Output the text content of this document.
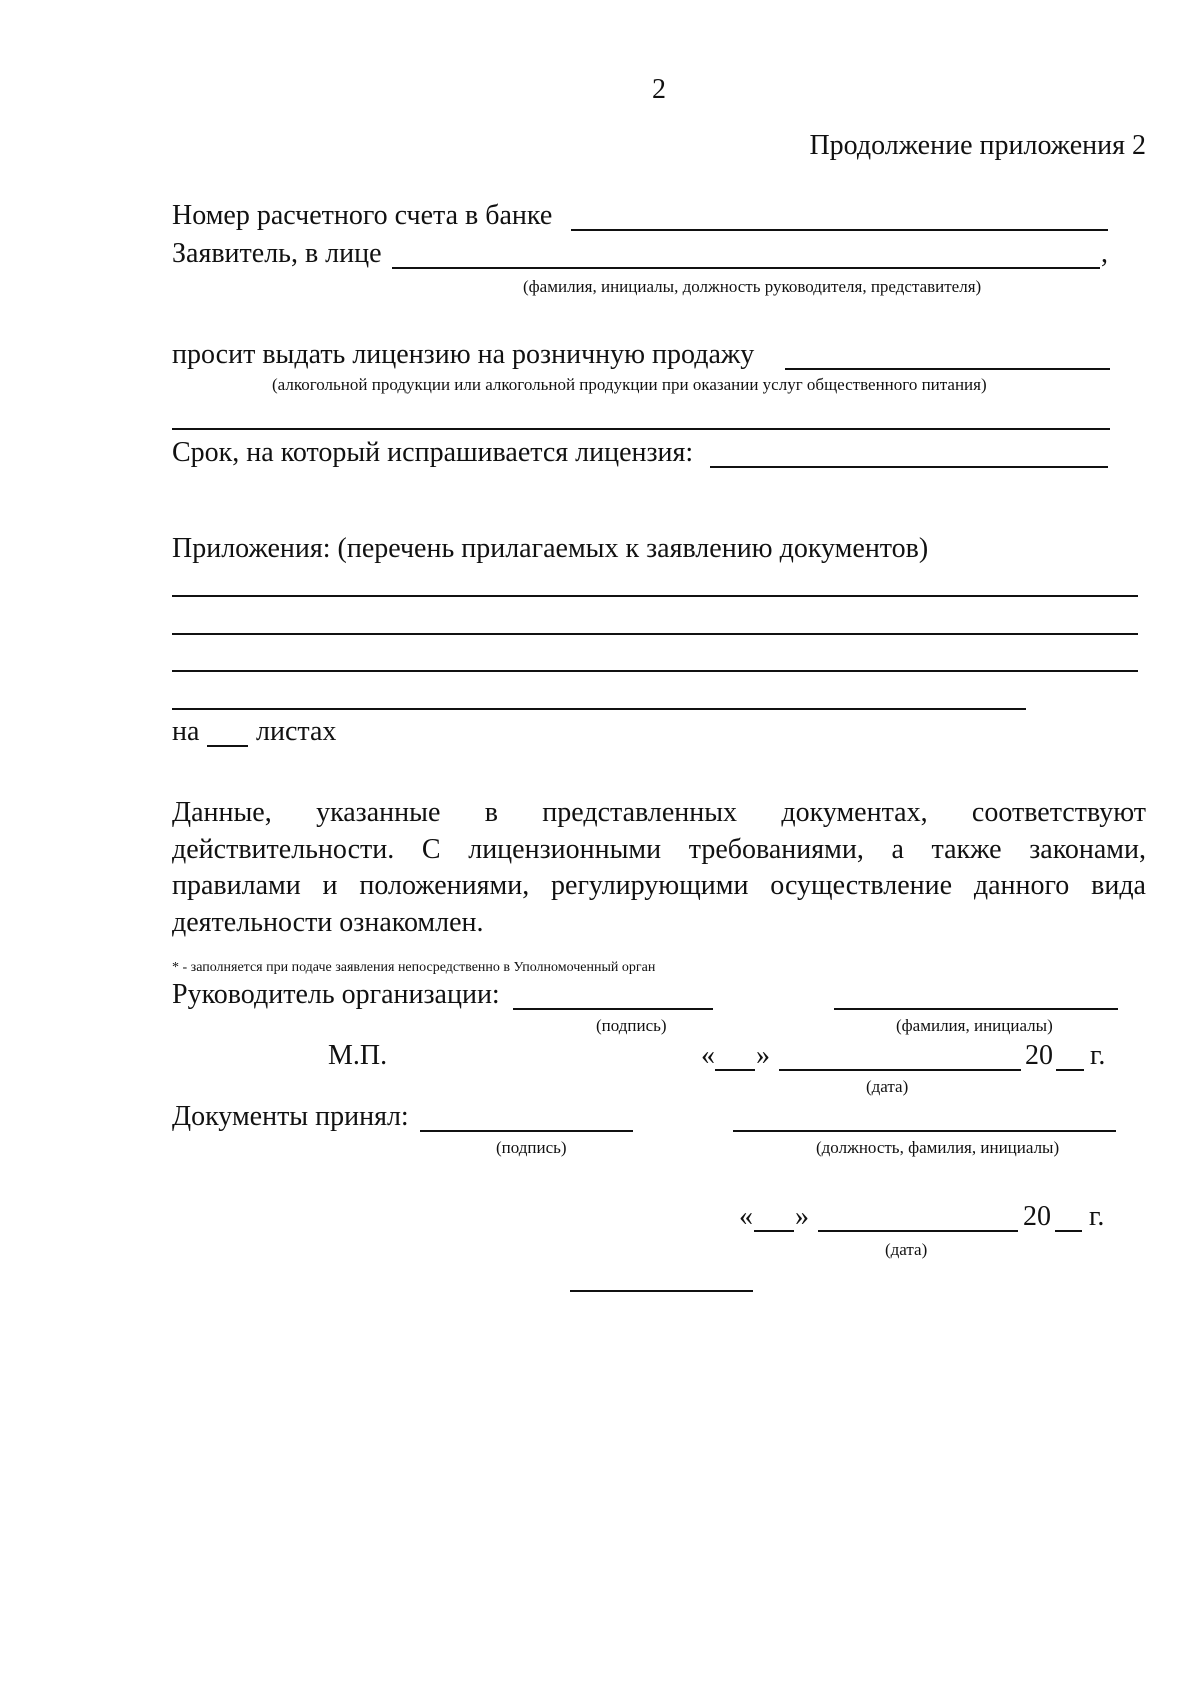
2
Продолжение приложения 2
Номер расчетного счета в банке
Заявитель, в лице	,
(фамилия, инициалы, должность руководителя, представителя)
просит выдать лицензию на розничную продажу
(алкогольной продукции или алкогольной продукции при оказании услуг общественного питания)
Срок, на который испрашивается лицензия:
Приложения: (перечень прилагаемых к заявлению документов)
на листах
Данные, указанные в представленных документах, соответствуют
действительности. С лицензионными требованиями, а также законами,
правилами и положениями, регулирующими осуществление данного вида
деятельности ознакомлен.
* - заполняется при подаче заявления непосредственно в Уполномоченный орган
Руководитель организации:
(подпись)	(фамилия, инициалы)
М.П.	« »	20 г.
(дата)
Документы принял:
(подпись)	(должность, фамилия, инициалы)
« »	20 г.
(дата)
